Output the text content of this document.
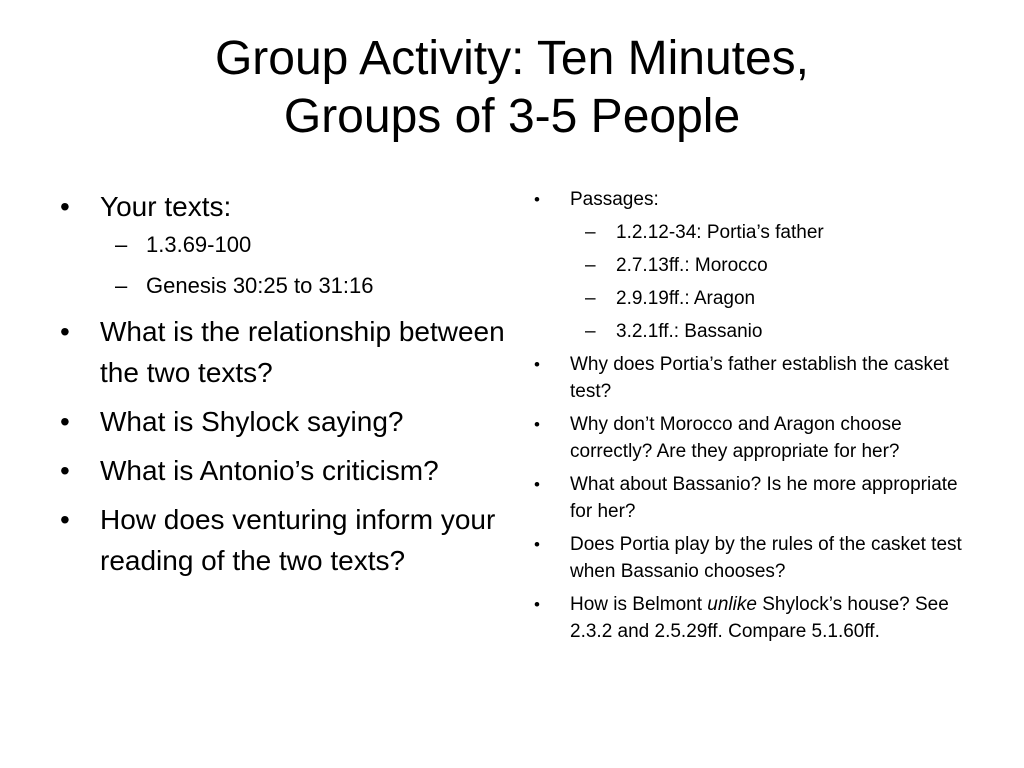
Group Activity: Ten Minutes,
Groups of 3-5 People
• Your texts:
– 1.3.69-100
– Genesis 30:25 to 31:16
• What is the relationship between the two texts?
• What is Shylock saying?
• What is Antonio’s criticism?
• How does venturing inform your reading of the two texts?
• Passages:
– 1.2.12-34: Portia’s father
– 2.7.13ff.: Morocco
– 2.9.19ff.: Aragon
– 3.2.1ff.: Bassanio
• Why does Portia’s father establish the casket test?
• Why don’t Morocco and Aragon choose correctly? Are they appropriate for her?
• What about Bassanio? Is he more appropriate for her?
• Does Portia play by the rules of the casket test when Bassanio chooses?
• How is Belmont unlike Shylock’s house? See 2.3.2 and 2.5.29ff. Compare 5.1.60ff.
